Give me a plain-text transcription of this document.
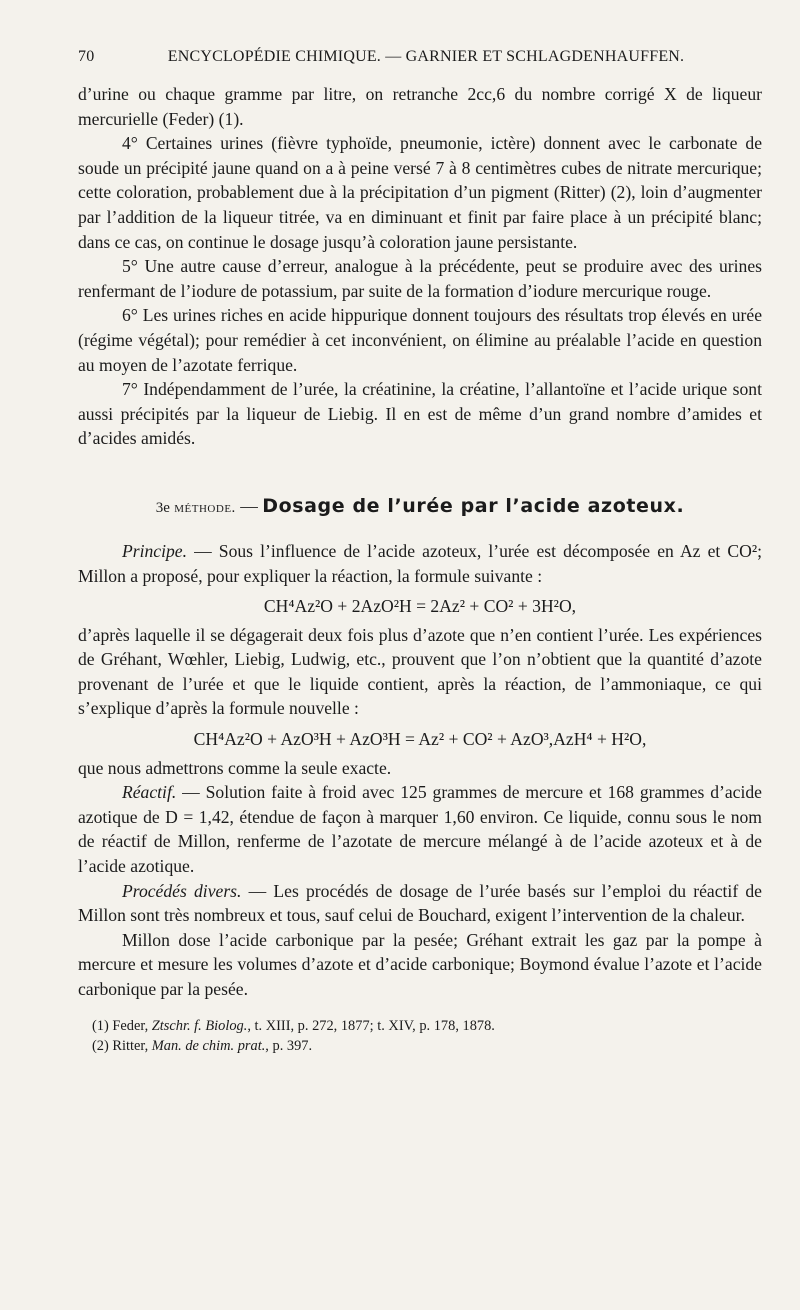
70	ENCYCLOPÉDIE CHIMIQUE. — GARNIER ET SCHLAGDENHAUFFEN.

d’urine ou chaque gramme par litre, on retranche 2cc,6 du nombre corrigé X de liqueur mercurielle (Feder) (1).

4° Certaines urines (fièvre typhoïde, pneumonie, ictère) donnent avec le carbonate de soude un précipité jaune quand on a à peine versé 7 à 8 centimètres cubes de nitrate mercurique; cette coloration, probablement due à la précipitation d’un pigment (Ritter) (2), loin d’augmenter par l’addition de la liqueur titrée, va en diminuant et finit par faire place à un précipité blanc; dans ce cas, on continue le dosage jusqu’à coloration jaune persistante.

5° Une autre cause d’erreur, analogue à la précédente, peut se produire avec des urines renfermant de l’iodure de potassium, par suite de la formation d’iodure mercurique rouge.

6° Les urines riches en acide hippurique donnent toujours des résultats trop élevés en urée (régime végétal); pour remédier à cet inconvénient, on élimine au préalable l’acide en question au moyen de l’azotate ferrique.

7° Indépendamment de l’urée, la créatinine, la créatine, l’allantoïne et l’acide urique sont aussi précipités par la liqueur de Liebig. Il en est de même d’un grand nombre d’amides et d’acides amidés.

3e méthode. — Dosage de l’urée par l’acide azoteux.

Principe. — Sous l’influence de l’acide azoteux, l’urée est décomposée en Az et CO²; Millon a proposé, pour expliquer la réaction, la formule suivante :

CH⁴Az²O + 2AzO²H = 2Az² + CO² + 3H²O,

d’après laquelle il se dégagerait deux fois plus d’azote que n’en contient l’urée. Les expériences de Gréhant, Wœhler, Liebig, Ludwig, etc., prouvent que l’on n’obtient que la quantité d’azote provenant de l’urée et que le liquide contient, après la réaction, de l’ammoniaque, ce qui s’explique d’après la formule nouvelle :

CH⁴Az²O + AzO³H + AzO³H = Az² + CO² + AzO³,AzH⁴ + H²O,

que nous admettrons comme la seule exacte.

Réactif. — Solution faite à froid avec 125 grammes de mercure et 168 grammes d’acide azotique de D = 1,42, étendue de façon à marquer 1,60 environ. Ce liquide, connu sous le nom de réactif de Millon, renferme de l’azotate de mercure mélangé à de l’acide azoteux et à de l’acide azotique.

Procédés divers. — Les procédés de dosage de l’urée basés sur l’emploi du réactif de Millon sont très nombreux et tous, sauf celui de Bouchard, exigent l’intervention de la chaleur.

Millon dose l’acide carbonique par la pesée; Gréhant extrait les gaz par la pompe à mercure et mesure les volumes d’azote et d’acide carbonique; Boymond évalue l’azote et l’acide carbonique par la pesée.

(1) Feder, Ztschr. f. Biolog., t. XIII, p. 272, 1877; t. XIV, p. 178, 1878.

(2) Ritter, Man. de chim. prat., p. 397.
